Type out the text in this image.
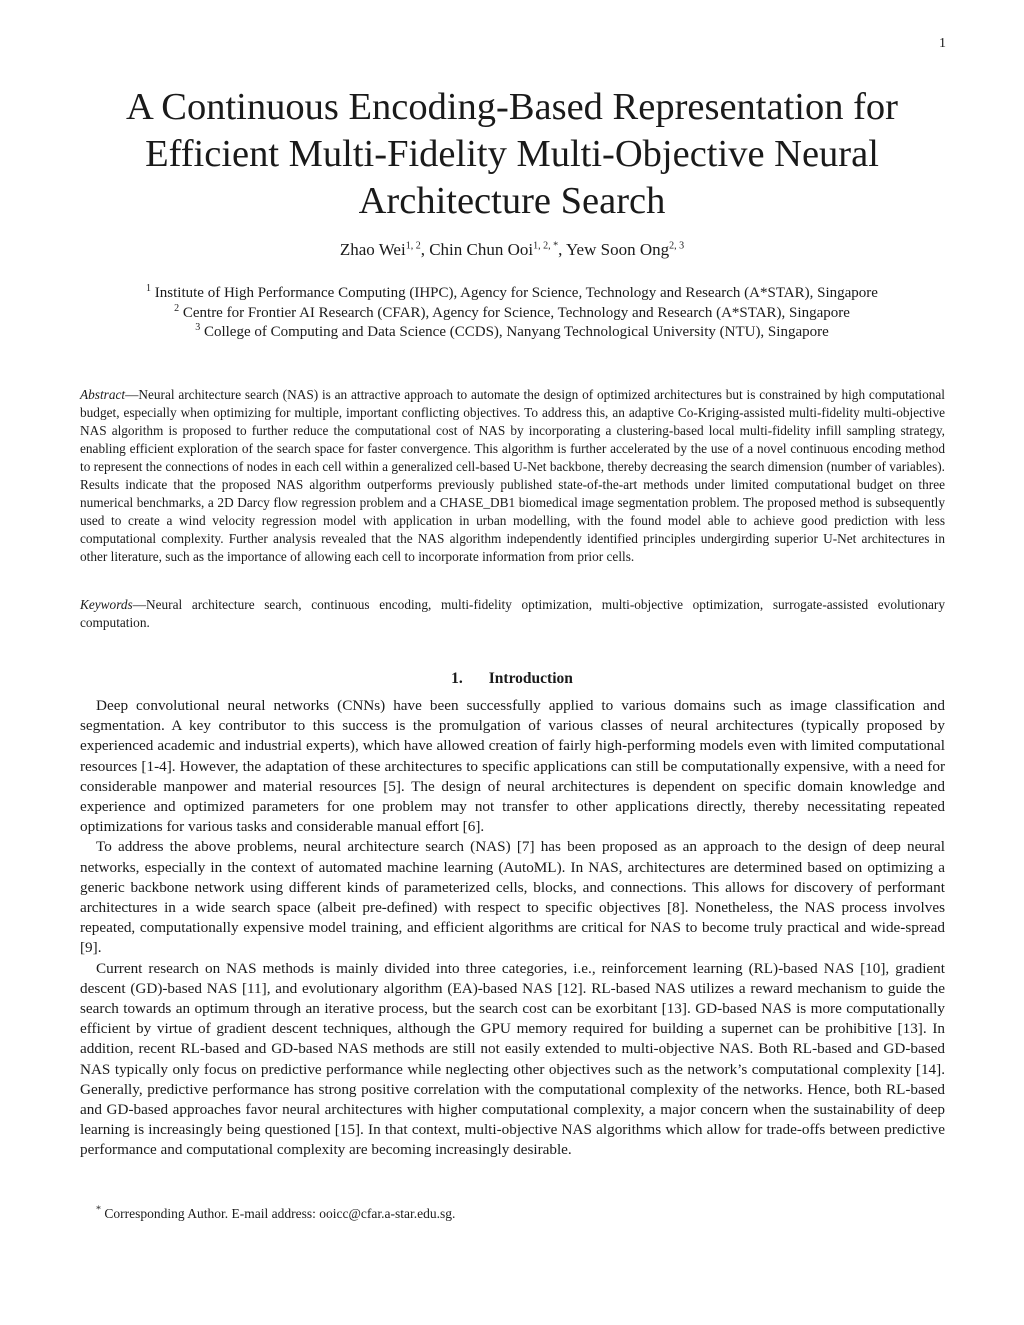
1
A Continuous Encoding-Based Representation for Efficient Multi-Fidelity Multi-Objective Neural Architecture Search
Zhao Wei$^{1, 2}$, Chin Chun Ooi$^{1, 2, *}$, Yew Soon Ong$^{2, 3}$
$^1$ Institute of High Performance Computing (IHPC), Agency for Science, Technology and Research (A*STAR), Singapore
$^2$ Centre for Frontier AI Research (CFAR), Agency for Science, Technology and Research (A*STAR), Singapore
$^3$ College of Computing and Data Science (CCDS), Nanyang Technological University (NTU), Singapore

Abstract—Neural architecture search (NAS) is an attractive approach to automate the design of optimized architectures but is constrained by high computational budget, especially when optimizing for multiple, important conflicting objectives. To address this, an adaptive Co-Kriging-assisted multi-fidelity multi-objective NAS algorithm is proposed to further reduce the computational cost of NAS by incorporating a clustering-based local multi-fidelity infill sampling strategy, enabling efficient exploration of the search space for faster convergence. This algorithm is further accelerated by the use of a novel continuous encoding method to represent the connections of nodes in each cell within a generalized cell-based U-Net backbone, thereby decreasing the search dimension (number of variables). Results indicate that the proposed NAS algorithm outperforms previously published state-of-the-art methods under limited computational budget on three numerical benchmarks, a 2D Darcy flow regression problem and a CHASE_DB1 biomedical image segmentation problem. The proposed method is subsequently used to create a wind velocity regression model with application in urban modelling, with the found model able to achieve good prediction with less computational complexity. Further analysis revealed that the NAS algorithm independently identified principles undergirding superior U-Net architectures in other literature, such as the importance of allowing each cell to incorporate information from prior cells.

Keywords—Neural architecture search, continuous encoding, multi-fidelity optimization, multi-objective optimization, surrogate-assisted evolutionary computation.

1. Introduction

Deep convolutional neural networks (CNNs) have been successfully applied to various domains such as image classification and segmentation. A key contributor to this success is the promulgation of various classes of neural architectures (typically proposed by experienced academic and industrial experts), which have allowed creation of fairly high-performing models even with limited computational resources [1-4]. However, the adaptation of these architectures to specific applications can still be computationally expensive, with a need for considerable manpower and material resources [5]. The design of neural architectures is dependent on specific domain knowledge and experience and optimized parameters for one problem may not transfer to other applications directly, thereby necessitating repeated optimizations for various tasks and considerable manual effort [6].

To address the above problems, neural architecture search (NAS) [7] has been proposed as an approach to the design of deep neural networks, especially in the context of automated machine learning (AutoML). In NAS, architectures are determined based on optimizing a generic backbone network using different kinds of parameterized cells, blocks, and connections. This allows for discovery of performant architectures in a wide search space (albeit pre-defined) with respect to specific objectives [8]. Nonetheless, the NAS process involves repeated, computationally expensive model training, and efficient algorithms are critical for NAS to become truly practical and wide-spread [9].

Current research on NAS methods is mainly divided into three categories, i.e., reinforcement learning (RL)-based NAS [10], gradient descent (GD)-based NAS [11], and evolutionary algorithm (EA)-based NAS [12]. RL-based NAS utilizes a reward mechanism to guide the search towards an optimum through an iterative process, but the search cost can be exorbitant [13]. GD-based NAS is more computationally efficient by virtue of gradient descent techniques, although the GPU memory required for building a supernet can be prohibitive [13]. In addition, recent RL-based and GD-based NAS methods are still not easily extended to multi-objective NAS. Both RL-based and GD-based NAS typically only focus on predictive performance while neglecting other objectives such as the network’s computational complexity [14]. Generally, predictive performance has strong positive correlation with the computational complexity of the networks. Hence, both RL-based and GD-based approaches favor neural architectures with higher computational complexity, a major concern when the sustainability of deep learning is increasingly being questioned [15]. In that context, multi-objective NAS algorithms which allow for trade-offs between predictive performance and computational complexity are becoming increasingly desirable.

* Corresponding Author. E-mail address: ooicc@cfar.a-star.edu.sg.
